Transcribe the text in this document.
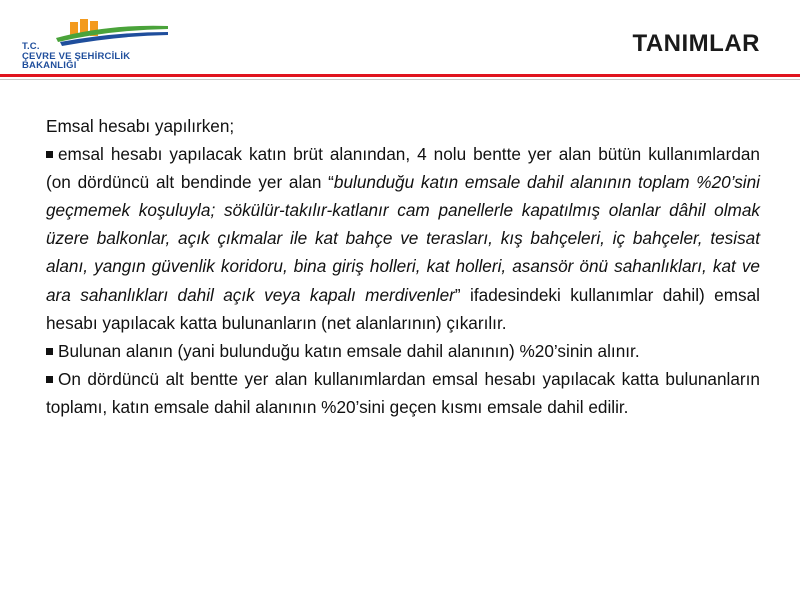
T.C.
ÇEVRE VE ŞEHİRCİLİK
BAKANLIĞI
TANIMLAR

Emsal hesabı yapılırken;

emsal hesabı yapılacak katın brüt alanından, 4 nolu bentte yer alan bütün kullanımlardan (on dördüncü alt bendinde yer alan “bulunduğu katın emsale dahil alanının toplam %20’sini geçmemek koşuluyla; sökülür-takılır-katlanır cam panellerle kapatılmış olanlar dâhil olmak üzere balkonlar, açık çıkmalar ile kat bahçe ve terasları, kış bahçeleri, iç bahçeler, tesisat alanı, yangın güvenlik koridoru, bina giriş holleri, kat holleri, asansör önü sahanlıkları, kat ve ara sahanlıkları dahil açık veya kapalı merdivenler” ifadesindeki kullanımlar dahil) emsal hesabı yapılacak katta bulunanların (net alanlarının) çıkarılır.

Bulunan alanın (yani bulunduğu katın emsale dahil alanının) %20’sinin alınır.

On dördüncü alt bentte yer alan kullanımlardan emsal hesabı yapılacak katta bulunanların toplamı, katın emsale dahil alanının %20’sini geçen kısmı emsale dahil edilir.
